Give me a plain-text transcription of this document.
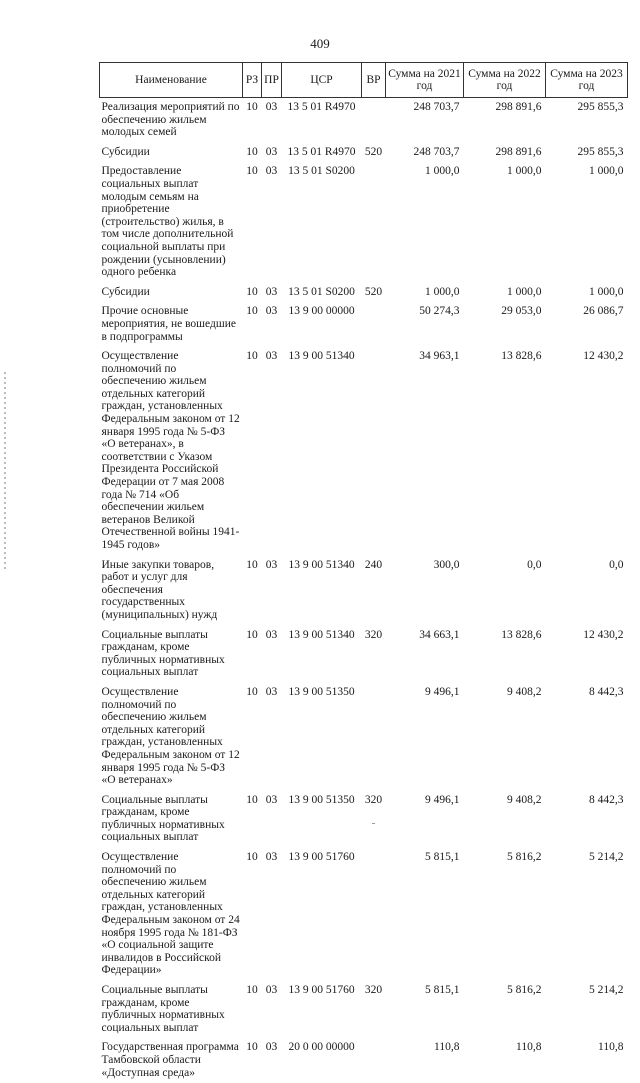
409
Наименование	РЗ	ПР	ЦСР	ВР	Сумма на 2021 год	Сумма на 2022 год	Сумма на 2023 год
Реализация мероприятий по обеспечению жильем молодых семей	10	03	13 5 01 R4970		248 703,7	298 891,6	295 855,3
Субсидии	10	03	13 5 01 R4970	520	248 703,7	298 891,6	295 855,3
Предоставление социальных выплат молодым семьям на приобретение (строительство) жилья, в том числе дополнительной социальной выплаты при рождении (усыновлении) одного ребенка	10	03	13 5 01 S0200		1 000,0	1 000,0	1 000,0
Субсидии	10	03	13 5 01 S0200	520	1 000,0	1 000,0	1 000,0
Прочие основные мероприятия, не вошедшие в подпрограммы	10	03	13 9 00 00000		50 274,3	29 053,0	26 086,7
Осуществление полномочий по обеспечению жильем отдельных категорий граждан, установленных Федеральным законом от 12 января 1995 года № 5-ФЗ «О ветеранах», в соответствии с Указом Президента Российской Федерации от 7 мая 2008 года № 714 «Об обеспечении жильем ветеранов Великой Отечественной войны 1941-1945 годов»	10	03	13 9 00 51340		34 963,1	13 828,6	12 430,2
Иные закупки товаров, работ и услуг для обеспечения государственных (муниципальных) нужд	10	03	13 9 00 51340	240	300,0	0,0	0,0
Социальные выплаты гражданам, кроме публичных нормативных социальных выплат	10	03	13 9 00 51340	320	34 663,1	13 828,6	12 430,2
Осуществление полномочий по обеспечению жильем отдельных категорий граждан, установленных Федеральным законом от 12 января 1995 года № 5-ФЗ «О ветеранах»	10	03	13 9 00 51350		9 496,1	9 408,2	8 442,3
Социальные выплаты гражданам, кроме публичных нормативных социальных выплат	10	03	13 9 00 51350	320	9 496,1	9 408,2	8 442,3
Осуществление полномочий по обеспечению жильем отдельных категорий граждан, установленных Федеральным законом от 24 ноября 1995 года № 181-ФЗ «О социальной защите инвалидов в Российской Федерации»	10	03	13 9 00 51760		5 815,1	5 816,2	5 214,2
Социальные выплаты гражданам, кроме публичных нормативных социальных выплат	10	03	13 9 00 51760	320	5 815,1	5 816,2	5 214,2
Государственная программа Тамбовской области «Доступная среда»	10	03	20 0 00 00000		110,8	110,8	110,8
